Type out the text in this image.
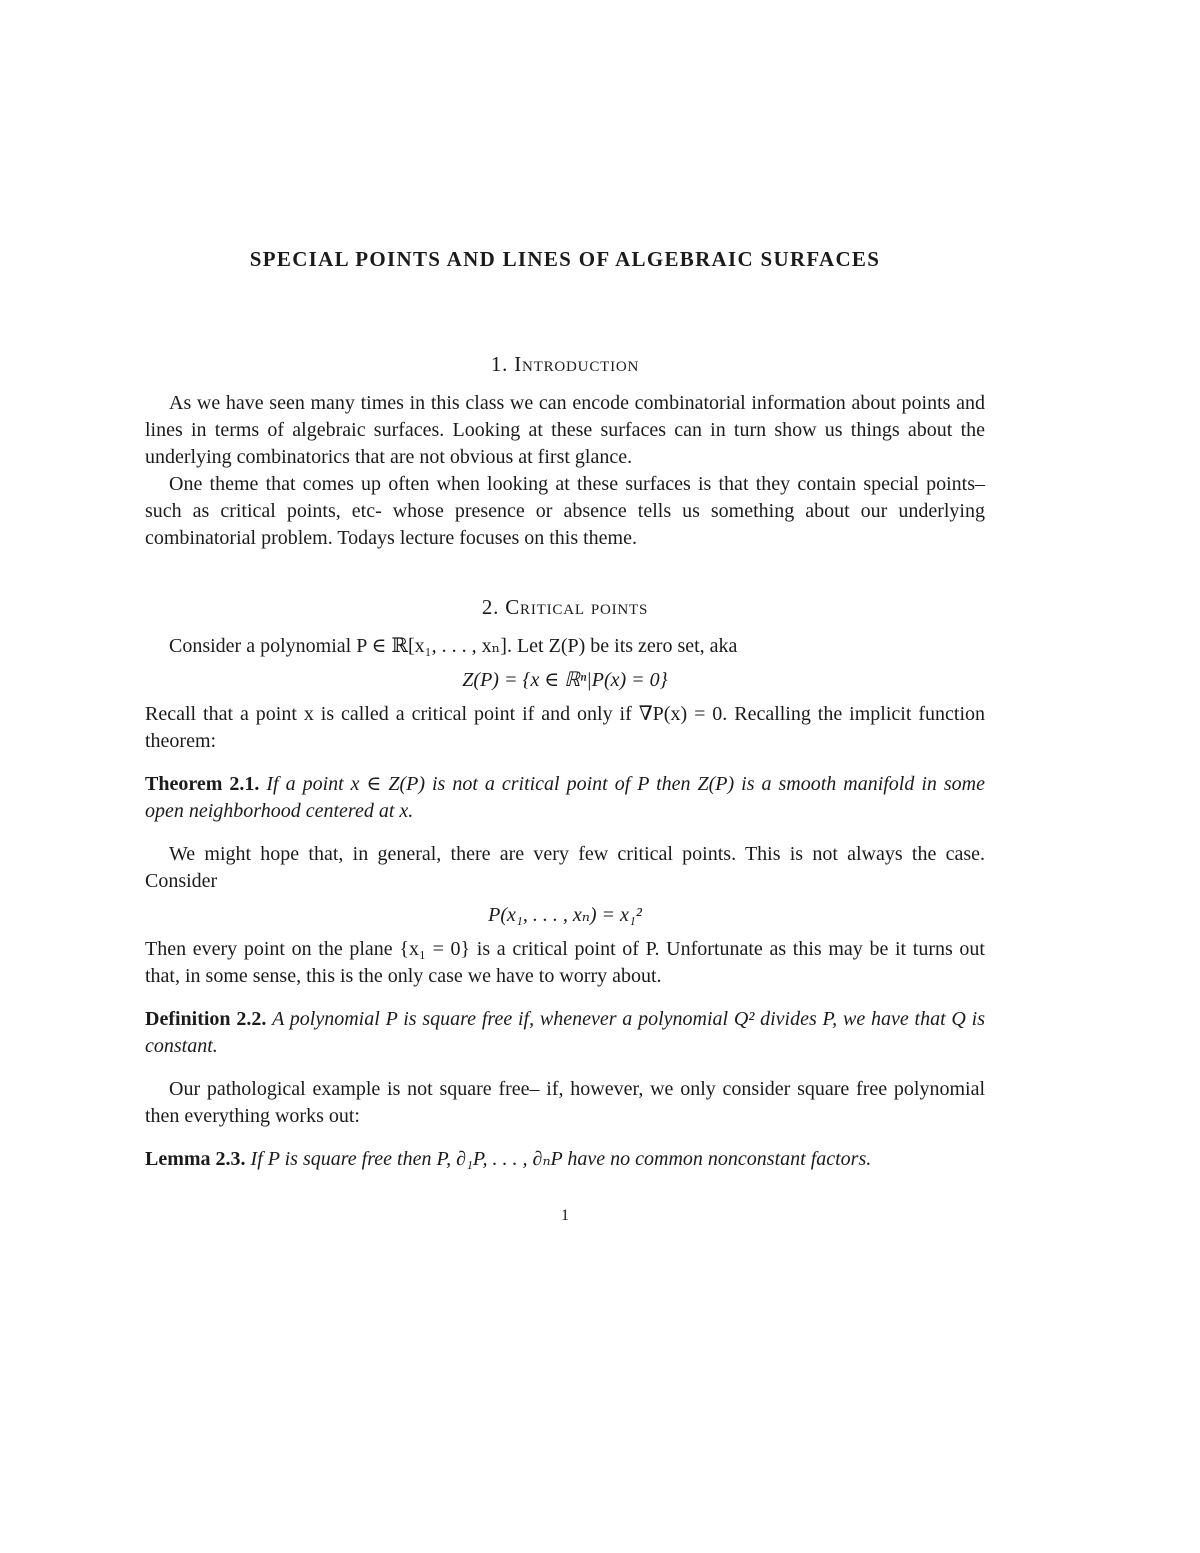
SPECIAL POINTS AND LINES OF ALGEBRAIC SURFACES
1. Introduction

As we have seen many times in this class we can encode combinatorial information about points and lines in terms of algebraic surfaces. Looking at these surfaces can in turn show us things about the underlying combinatorics that are not obvious at first glance.

One theme that comes up often when looking at these surfaces is that they contain special points– such as critical points, etc- whose presence or absence tells us something about our underlying combinatorial problem. Todays lecture focuses on this theme.

2. Critical points

Consider a polynomial P ∈ ℝ[x₁, . . . , xₙ]. Let Z(P) be its zero set, aka

Z(P) = {x ∈ ℝⁿ|P(x) = 0}

Recall that a point x is called a critical point if and only if ∇P(x) = 0. Recalling the implicit function theorem:

Theorem 2.1. If a point x ∈ Z(P) is not a critical point of P then Z(P) is a smooth manifold in some open neighborhood centered at x.

We might hope that, in general, there are very few critical points. This is not always the case. Consider

P(x₁, . . . , xₙ) = x₁²

Then every point on the plane {x₁ = 0} is a critical point of P. Unfortunate as this may be it turns out that, in some sense, this is the only case we have to worry about.

Definition 2.2. A polynomial P is square free if, whenever a polynomial Q² divides P, we have that Q is constant.

Our pathological example is not square free– if, however, we only consider square free polynomial then everything works out:

Lemma 2.3. If P is square free then P, ∂₁P, . . . , ∂ₙP have no common nonconstant factors.

1
